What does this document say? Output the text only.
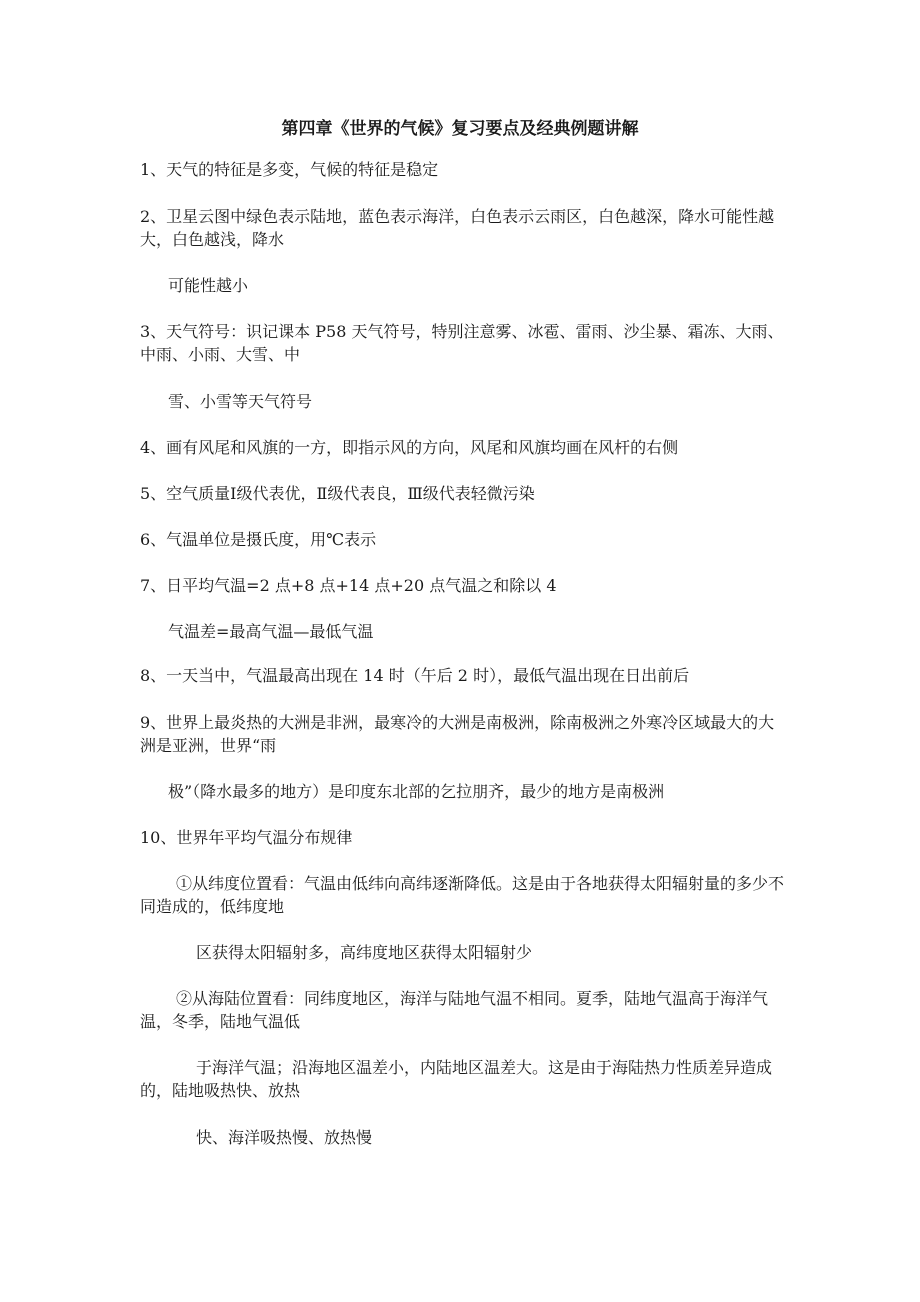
第四章《世界的气候》复习要点及经典例题讲解

1、天气的特征是多变，气候的特征是稳定

2、卫星云图中绿色表示陆地，蓝色表示海洋，白色表示云雨区，白色越深，降水可能性越大，白色越浅，降水

可能性越小

3、天气符号：识记课本 P58 天气符号，特别注意雾、冰雹、雷雨、沙尘暴、霜冻、大雨、中雨、小雨、大雪、中

雪、小雪等天气符号

4、画有风尾和风旗的一方，即指示风的方向，风尾和风旗均画在风杆的右侧

5、空气质量Ⅰ级代表优，Ⅱ级代表良，Ⅲ级代表轻微污染

6、气温单位是摄氏度，用℃表示

7、日平均气温=2 点+8 点+14 点+20 点气温之和除以 4

气温差=最高气温—最低气温

8、一天当中，气温最高出现在 14 时（午后 2 时），最低气温出现在日出前后

9、世界上最炎热的大洲是非洲，最寒冷的大洲是南极洲，除南极洲之外寒冷区域最大的大洲是亚洲，世界“雨

极”（降水最多的地方）是印度东北部的乞拉朋齐，最少的地方是南极洲

10、世界年平均气温分布规律

①从纬度位置看：气温由低纬向高纬逐渐降低。这是由于各地获得太阳辐射量的多少不同造成的，低纬度地

区获得太阳辐射多，高纬度地区获得太阳辐射少

②从海陆位置看：同纬度地区，海洋与陆地气温不相同。夏季，陆地气温高于海洋气温，冬季，陆地气温低

于海洋气温；沿海地区温差小，内陆地区温差大。这是由于海陆热力性质差异造成的，陆地吸热快、放热

快、海洋吸热慢、放热慢
